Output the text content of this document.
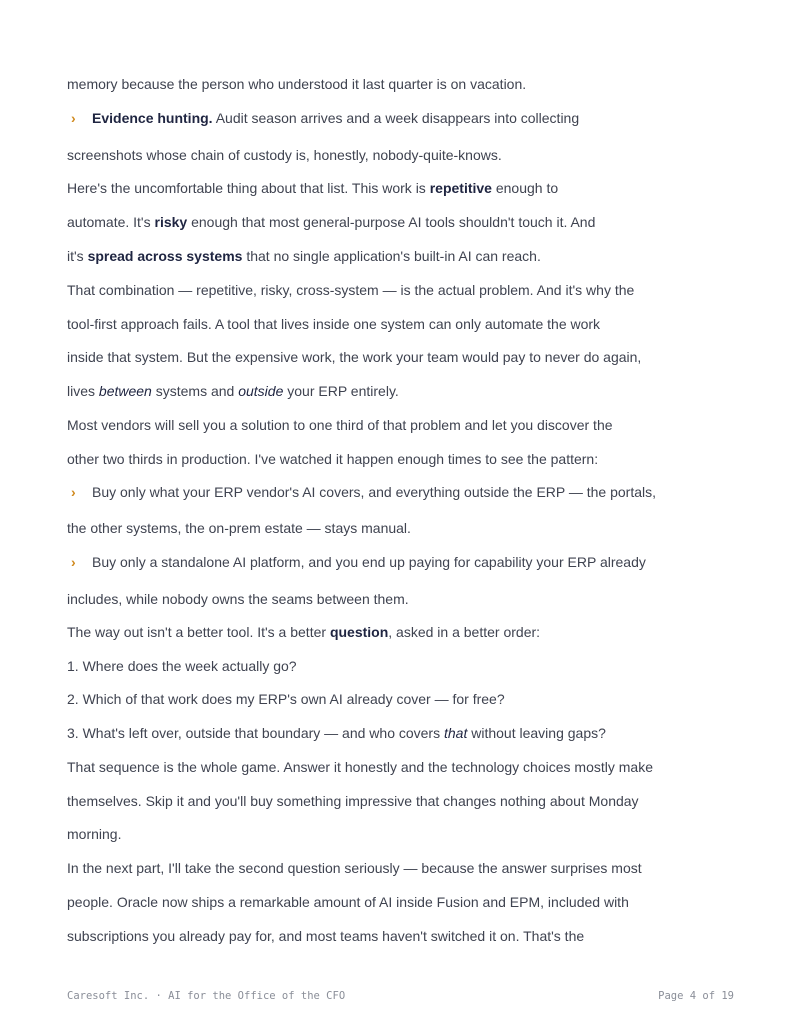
memory because the person who understood it last quarter is on vacation.
› Evidence hunting. Audit season arrives and a week disappears into collecting
screenshots whose chain of custody is, honestly, nobody-quite-knows.
Here's the uncomfortable thing about that list. This work is repetitive enough to
automate. It's risky enough that most general-purpose AI tools shouldn't touch it. And
it's spread across systems that no single application's built-in AI can reach.
That combination — repetitive, risky, cross-system — is the actual problem. And it's why the
tool-first approach fails. A tool that lives inside one system can only automate the work
inside that system. But the expensive work, the work your team would pay to never do again,
lives between systems and outside your ERP entirely.
Most vendors will sell you a solution to one third of that problem and let you discover the
other two thirds in production. I've watched it happen enough times to see the pattern:
› Buy only what your ERP vendor's AI covers, and everything outside the ERP — the portals,
the other systems, the on-prem estate — stays manual.
› Buy only a standalone AI platform, and you end up paying for capability your ERP already
includes, while nobody owns the seams between them.
The way out isn't a better tool. It's a better question, asked in a better order:
1. Where does the week actually go?
2. Which of that work does my ERP's own AI already cover — for free?
3. What's left over, outside that boundary — and who covers that without leaving gaps?
That sequence is the whole game. Answer it honestly and the technology choices mostly make
themselves. Skip it and you'll buy something impressive that changes nothing about Monday
morning.
In the next part, I'll take the second question seriously — because the answer surprises most
people. Oracle now ships a remarkable amount of AI inside Fusion and EPM, included with
subscriptions you already pay for, and most teams haven't switched it on. That's the
Caresoft Inc. · AI for the Office of the CFO	Page 4 of 19
